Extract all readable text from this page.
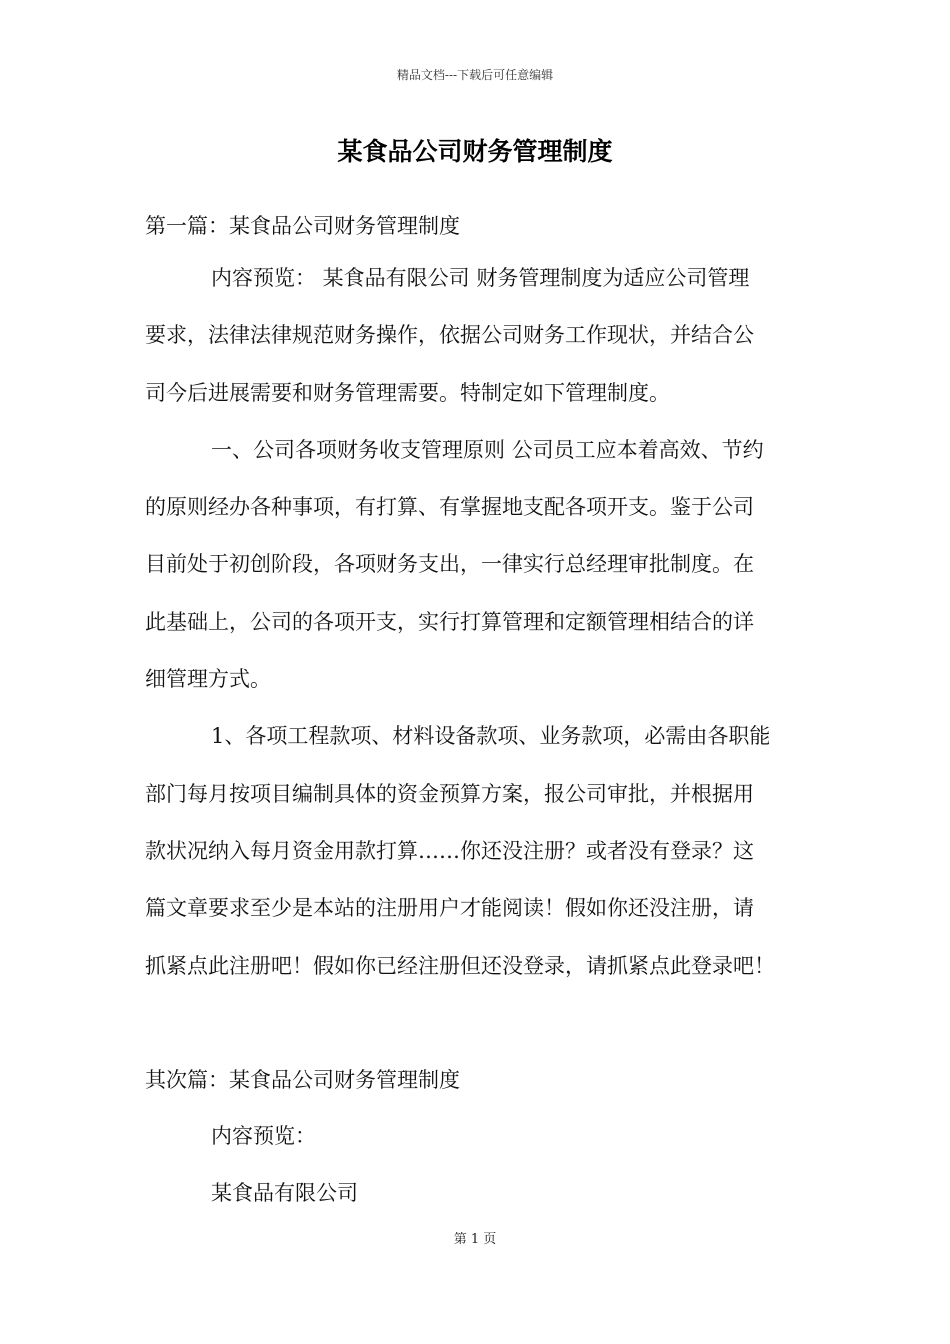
精品文档---下载后可任意编辑
某食品公司财务管理制度
第一篇：某食品公司财务管理制度
内容预览： 某食品有限公司 财务管理制度为适应公司管理
要求，法律法律规范财务操作，依据公司财务工作现状，并结合公
司今后进展需要和财务管理需要。特制定如下管理制度。
一、公司各项财务收支管理原则 公司员工应本着高效、节约
的原则经办各种事项，有打算、有掌握地支配各项开支。鉴于公司
目前处于初创阶段，各项财务支出，一律实行总经理审批制度。在
此基础上，公司的各项开支，实行打算管理和定额管理相结合的详
细管理方式。
1、各项工程款项、材料设备款项、业务款项，必需由各职能
部门每月按项目编制具体的资金预算方案，报公司审批，并根据用
款状况纳入每月资金用款打算……你还没注册？或者没有登录？这
篇文章要求至少是本站的注册用户才能阅读！假如你还没注册，请
抓紧点此注册吧！假如你已经注册但还没登录，请抓紧点此登录吧！
其次篇：某食品公司财务管理制度
内容预览：
某食品有限公司
第 1 页
